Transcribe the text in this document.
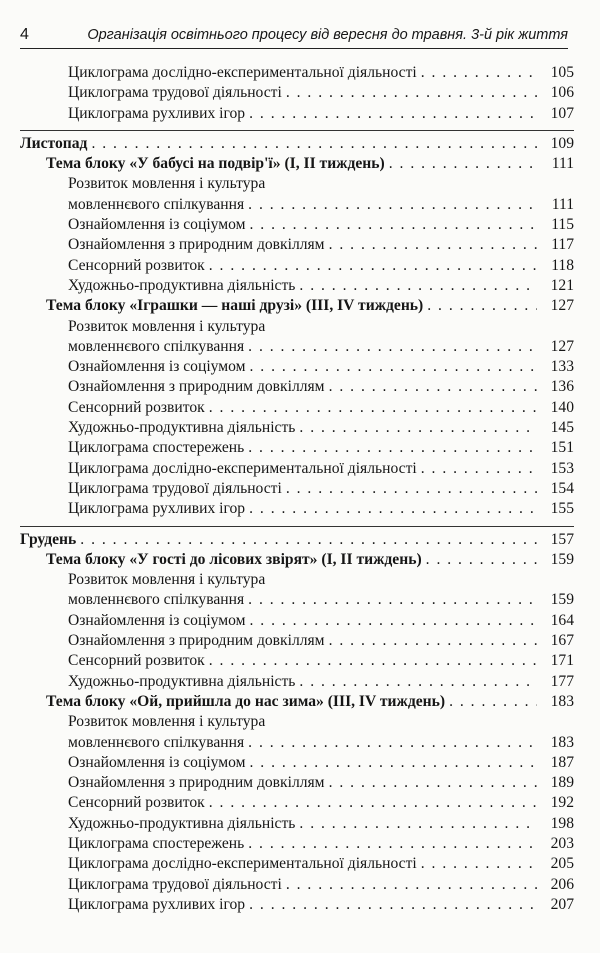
4	Організація освітнього процесу від вересня до травня. 3-й рік життя
Циклограма дослідно-експериментальної діяльності . . .	105
Циклограма трудової діяльності . . .	106
Циклограма рухливих ігор . . .	107
Листопад . . .	109
Тема блоку «У бабусі на подвір'ї» (I, II тиждень) . . .	111
Розвиток мовлення і культура
мовленнєвого спілкування . . .	111
Ознайомлення із соціумом . . .	115
Ознайомлення з природним довкіллям . . .	117
Сенсорний розвиток . . .	118
Художньо-продуктивна діяльність . . .	121
Тема блоку «Іграшки — наші друзі» (III, IV тиждень) . . .	127
Розвиток мовлення і культура
мовленнєвого спілкування . . .	127
Ознайомлення із соціумом . . .	133
Ознайомлення з природним довкіллям . . .	136
Сенсорний розвиток . . .	140
Художньо-продуктивна діяльність . . .	145
Циклограма спостережень . . .	151
Циклограма дослідно-експериментальної діяльності . . .	153
Циклограма трудової діяльності . . .	154
Циклограма рухливих ігор . . .	155
Грудень . . .	157
Тема блоку «У гості до лісових звірят» (I, II тиждень) . . .	159
Розвиток мовлення і культура
мовленнєвого спілкування . . .	159
Ознайомлення із соціумом . . .	164
Ознайомлення з природним довкіллям . . .	167
Сенсорний розвиток . . .	171
Художньо-продуктивна діяльність . . .	177
Тема блоку «Ой, прийшла до нас зима» (III, IV тиждень) . . .	183
Розвиток мовлення і культура
мовленнєвого спілкування . . .	183
Ознайомлення із соціумом . . .	187
Ознайомлення з природним довкіллям . . .	189
Сенсорний розвиток . . .	192
Художньо-продуктивна діяльність . . .	198
Циклограма спостережень . . .	203
Циклограма дослідно-експериментальної діяльності . . .	205
Циклограма трудової діяльності . . .	206
Циклограма рухливих ігор . . .	207
